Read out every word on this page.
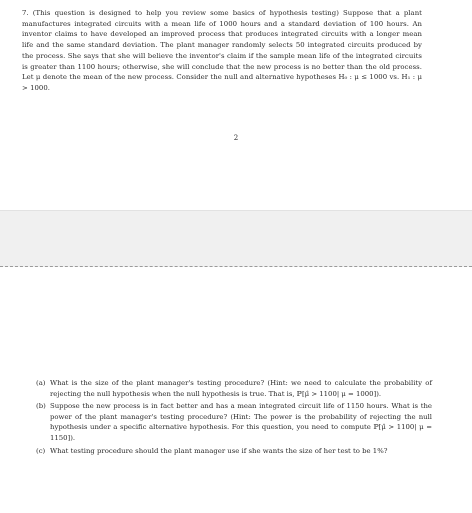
7. (This question is designed to help you review some basics of hypothesis testing) Suppose that a plant manufactures integrated circuits with a mean life of 1000 hours and a standard deviation of 100 hours. An inventor claims to have developed an improved process that produces integrated circuits with a longer mean life and the same standard deviation. The plant manager randomly selects 50 integrated circuits produced by the process. She says that she will believe the inventor's claim if the sample mean life of the integrated circuits is greater than 1100 hours; otherwise, she will conclude that the new process is no better than the old process. Let μ denote the mean of the new process. Consider the null and alternative hypotheses H₀ : μ ≤ 1000 vs. H₁ : μ > 1000.
2
(a) What is the size of the plant manager's testing procedure? (Hint: we need to calculate the probability of rejecting the null hypothesis when the null hypothesis is true. That is, ℙ[μ̂ > 1100| μ = 1000]).
(b) Suppose the new process is in fact better and has a mean integrated circuit life of 1150 hours. What is the power of the plant manager's testing procedure? (Hint: The power is the probability of rejecting the null hypothesis under a specific alternative hypothesis. For this question, you need to compute ℙ[μ̂ > 1100| μ = 1150]).
(c) What testing procedure should the plant manager use if she wants the size of her test to be 1%?
